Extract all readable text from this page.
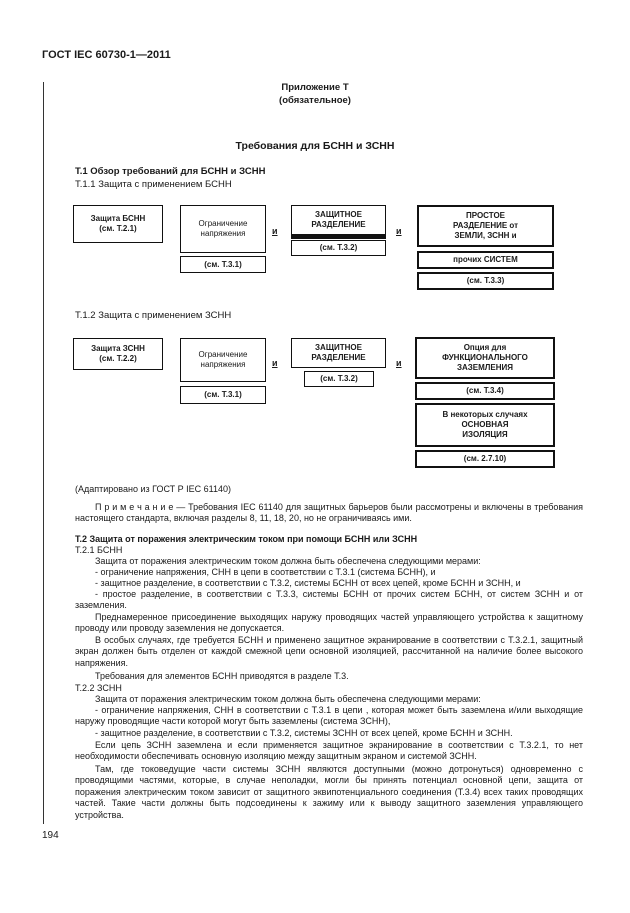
ГОСТ IEC 60730-1—2011
Приложение Т
(обязательное)
Требования для БСНН и ЗСНН
Т.1 Обзор требований для БСНН и ЗСНН
Т.1.1 Защита с применением БСНН
Защита БСНН
(см. Т.2.1)
Ограничение
напряжения
(см. Т.3.1)
и
ЗАЩИТНОЕ
РАЗДЕЛЕНИЕ
(см. Т.3.2)
и
ПРОСТОЕ
РАЗДЕЛЕНИЕ от
ЗЕМЛИ, ЗСНН и
прочих СИСТЕМ
(см. Т.3.3)
Т.1.2 Защита с применением ЗСНН
Защита ЗСНН
(см. Т.2.2)	Ограничение
напряжения
(см. Т.3.1)
и
ЗАЩИТНОЕ
РАЗДЕЛЕНИЕ
(см. Т.3.2)
и
Опция для
ФУНКЦИОНАЛЬНОГО
ЗАЗЕМЛЕНИЯ
(см. Т.3.4)
В некоторых случаях
ОСНОВНАЯ
ИЗОЛЯЦИЯ
(см. 2.7.10)
(Адаптировано из ГОСТ Р IEC 61140)
П р и м е ч а н и е — Требования IEC 61140 для защитных барьеров были рассмотрены и включены в требования настоящего стандарта, включая разделы 8, 11, 18, 20, но не ограничиваясь ими.
Т.2 Защита от поражения электрическим током при помощи БСНН или ЗСНН
Т.2.1 БСНН
Защита от поражения электрическим током должна быть обеспечена следующими мерами:
- ограничение напряжения, СНН в цепи в соответствии с Т.3.1 (система БСНН), и
- защитное разделение, в соответствии с Т.3.2, системы БСНН от всех цепей, кроме БСНН и ЗСНН, и
- простое разделение, в соответствии с Т.3.3, системы БСНН от прочих систем БСНН, от систем ЗСНН и от заземления.
Преднамеренное присоединение выходящих наружу проводящих частей управляющего устройства к защитному проводу или проводу заземления не допускается.
В особых случаях, где требуется БСНН и применено защитное экранирование в соответствии с Т.3.2.1, защитный экран должен быть отделен от каждой смежной цепи основной изоляцией, рассчитанной на наличие более высокого напряжения.
Требования для элементов БСНН приводятся в разделе Т.3.
Т.2.2 ЗСНН
Защита от поражения электрическим током должна быть обеспечена следующими мерами:
- ограничение напряжения, СНН в соответствии с Т.3.1 в цепи , которая может быть заземлена и/или выходящие наружу проводящие части которой могут быть заземлены (система ЗСНН),
- защитное разделение, в соответствии с Т.3.2, системы ЗСНН от всех цепей, кроме БСНН и ЗСНН.
Если цепь ЗСНН заземлена и если применяется защитное экранирование в соответствии с Т.3.2.1, то нет необходимости обеспечивать основную изоляцию между защитным экраном и системой ЗСНН.
Там, где токоведущие части системы ЗСНН являются доступными (можно дотронуться) одновременно с проводящими частями, которые, в случае неполадки, могли бы принять потенциал основной цепи, защита от поражения электрическим током зависит от защитного эквипотенциального соединения (Т.3.4) всех таких проводящих частей. Такие части должны быть подсоединены к зажиму или к выводу защитного заземления управляющего устройства.
194
